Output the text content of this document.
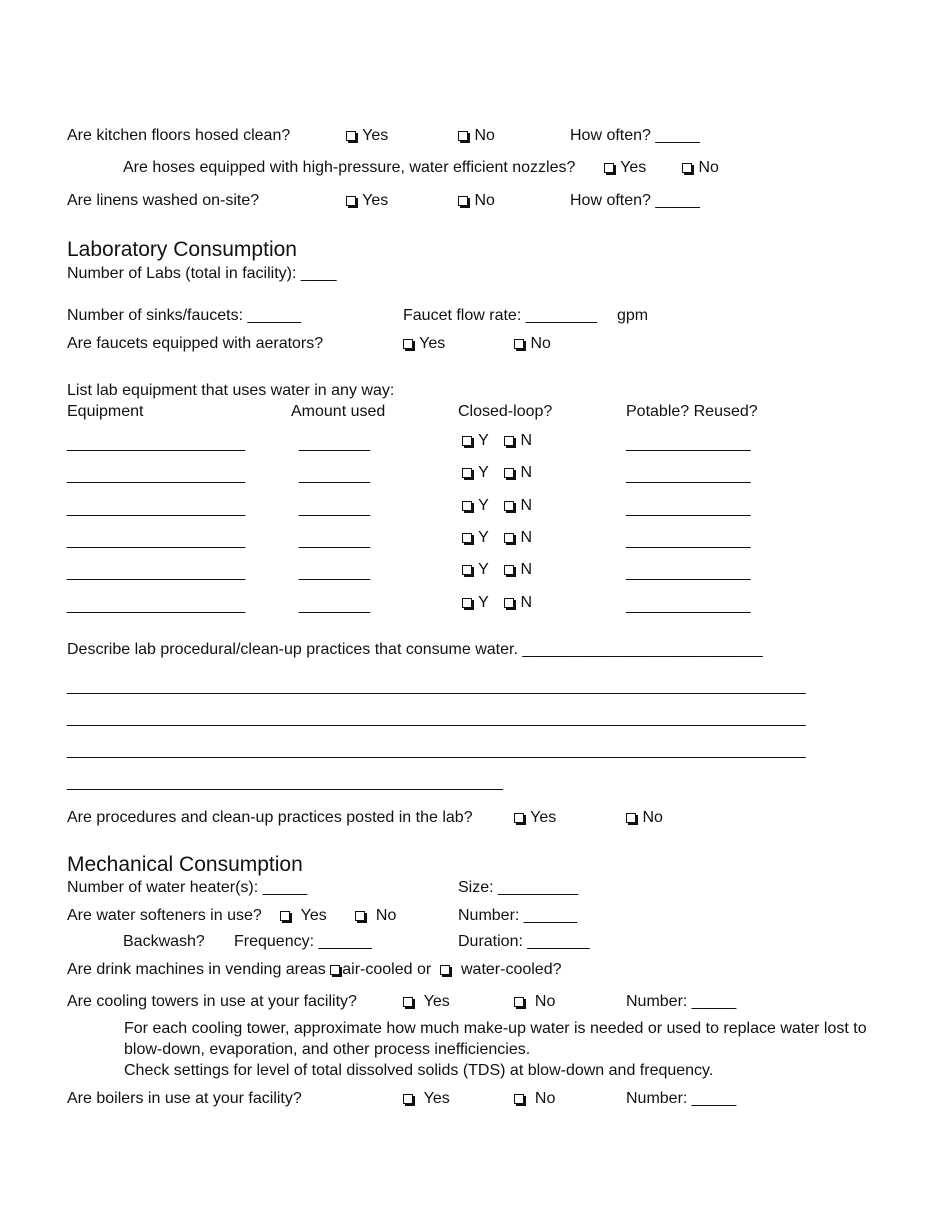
Are kitchen floors hosed clean?	Yes	No	How often? _____
Are hoses equipped with high-pressure, water efficient nozzles?	Yes	No
Are linens washed on-site?	Yes	No	How often? _____
Laboratory Consumption
Number of Labs (total in facility): ____
Number of sinks/faucets: ______	Faucet flow rate: ________ gpm
Are faucets equipped with aerators?	Yes	No
List lab equipment that uses water in any way:
Equipment	Amount used	Closed-loop?	Potable? Reused?
____________________	________	Y	N	______________
____________________	________	Y	N	______________
____________________	________	Y	N	______________
____________________	________	Y	N	______________
____________________	________	Y	N	______________
____________________	________	Y	N	______________
Describe lab procedural/clean-up practices that consume water. ___________________________
___________________________________________________________________________________
___________________________________________________________________________________
___________________________________________________________________________________
_________________________________________________
Are procedures and clean-up practices posted in the lab?	Yes	No
Mechanical Consumption
Number of water heater(s): _____	Size: _________
Are water softeners in use?	Yes	No	Number: ______
Backwash? Frequency: ______	Duration: _______
Are drink machines in vending areas air-cooled or water-cooled?
Are cooling towers in use at your facility?	Yes	No	Number: _____
For each cooling tower, approximate how much make-up water is needed or used to replace water lost to blow-down, evaporation, and other process inefficiencies.
Check settings for level of total dissolved solids (TDS) at blow-down and frequency.
Are boilers in use at your facility?	Yes	No	Number: _____
